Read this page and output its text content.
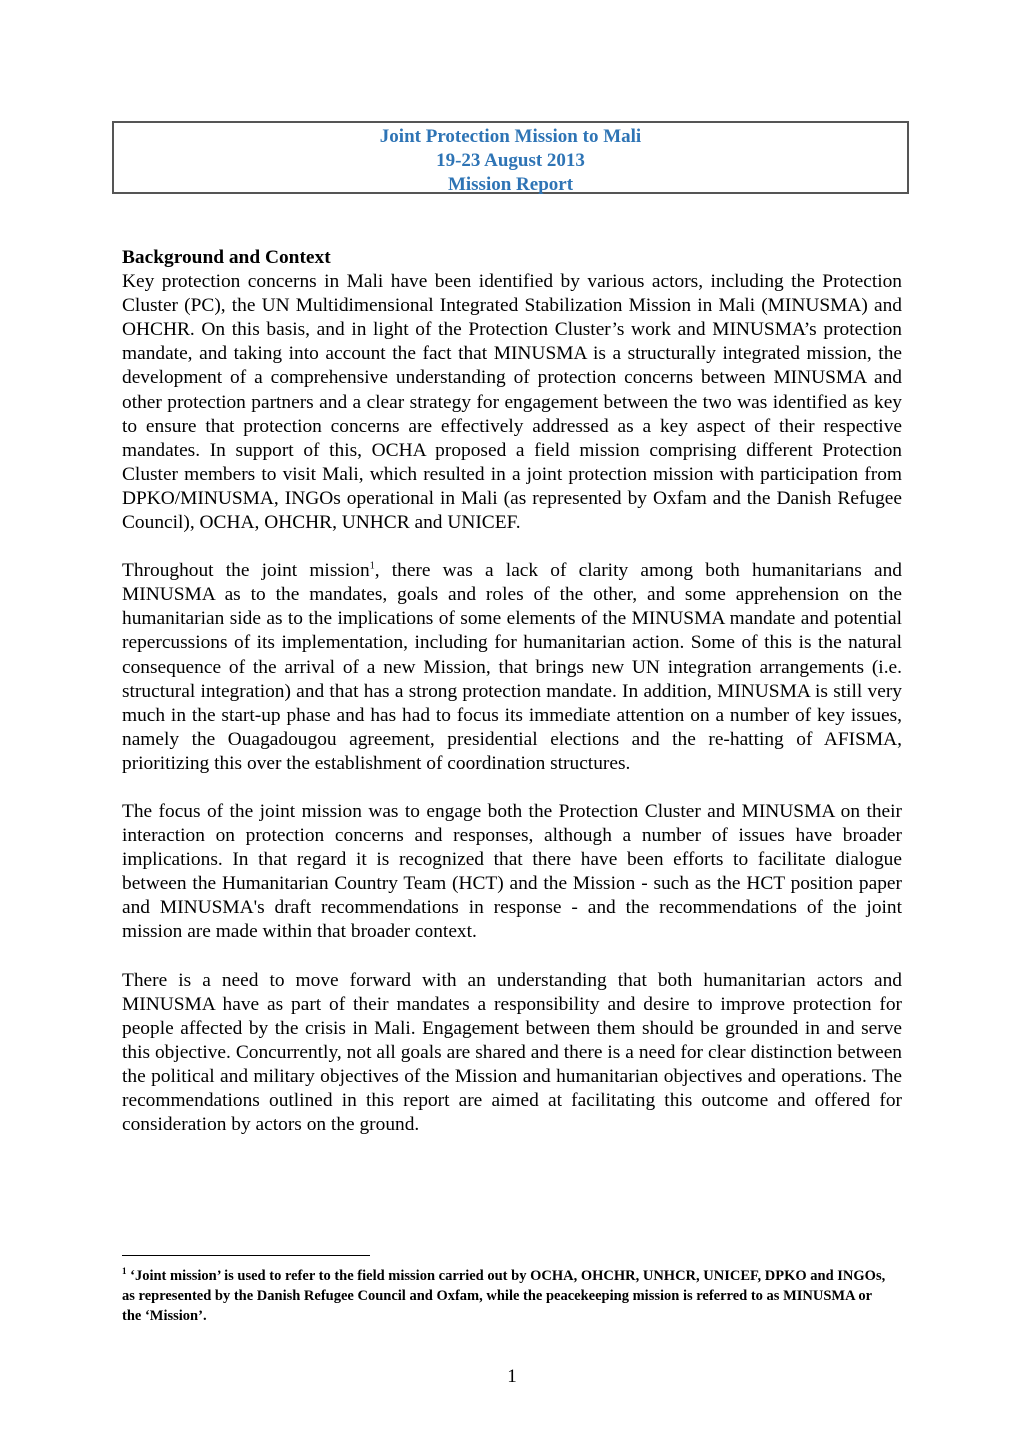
Joint Protection Mission to Mali
19-23 August 2013
Mission Report

Background and Context

Key protection concerns in Mali have been identified by various actors, including the Protection Cluster (PC), the UN Multidimensional Integrated Stabilization Mission in Mali (MINUSMA) and OHCHR. On this basis, and in light of the Protection Cluster’s work and MINUSMA’s protection mandate, and taking into account the fact that MINUSMA is a structurally integrated mission, the development of a comprehensive understanding of protection concerns between MINUSMA and other protection partners and a clear strategy for engagement between the two was identified as key to ensure that protection concerns are effectively addressed as a key aspect of their respective mandates. In support of this, OCHA proposed a field mission comprising different Protection Cluster members to visit Mali, which resulted in a joint protection mission with participation from DPKO/MINUSMA, INGOs operational in Mali (as represented by Oxfam and the Danish Refugee Council), OCHA, OHCHR, UNHCR and UNICEF.

Throughout the joint mission$^1$, there was a lack of clarity among both humanitarians and MINUSMA as to the mandates, goals and roles of the other, and some apprehension on the humanitarian side as to the implications of some elements of the MINUSMA mandate and potential repercussions of its implementation, including for humanitarian action. Some of this is the natural consequence of the arrival of a new Mission, that brings new UN integration arrangements (i.e. structural integration) and that has a strong protection mandate. In addition, MINUSMA is still very much in the start-up phase and has had to focus its immediate attention on a number of key issues, namely the Ouagadougou agreement, presidential elections and the re-hatting of AFISMA, prioritizing this over the establishment of coordination structures.

The focus of the joint mission was to engage both the Protection Cluster and MINUSMA on their interaction on protection concerns and responses, although a number of issues have broader implications. In that regard it is recognized that there have been efforts to facilitate dialogue between the Humanitarian Country Team (HCT) and the Mission - such as the HCT position paper and MINUSMA's draft recommendations in response - and the recommendations of the joint mission are made within that broader context.

There is a need to move forward with an understanding that both humanitarian actors and MINUSMA have as part of their mandates a responsibility and desire to improve protection for people affected by the crisis in Mali. Engagement between them should be grounded in and serve this objective. Concurrently, not all goals are shared and there is a need for clear distinction between the political and military objectives of the Mission and humanitarian objectives and operations. The recommendations outlined in this report are aimed at facilitating this outcome and offered for consideration by actors on the ground.

$^1$ ‘Joint mission’ is used to refer to the field mission carried out by OCHA, OHCHR, UNHCR, UNICEF, DPKO and INGOs, as represented by the Danish Refugee Council and Oxfam, while the peacekeeping mission is referred to as MINUSMA or the ‘Mission’.
1
